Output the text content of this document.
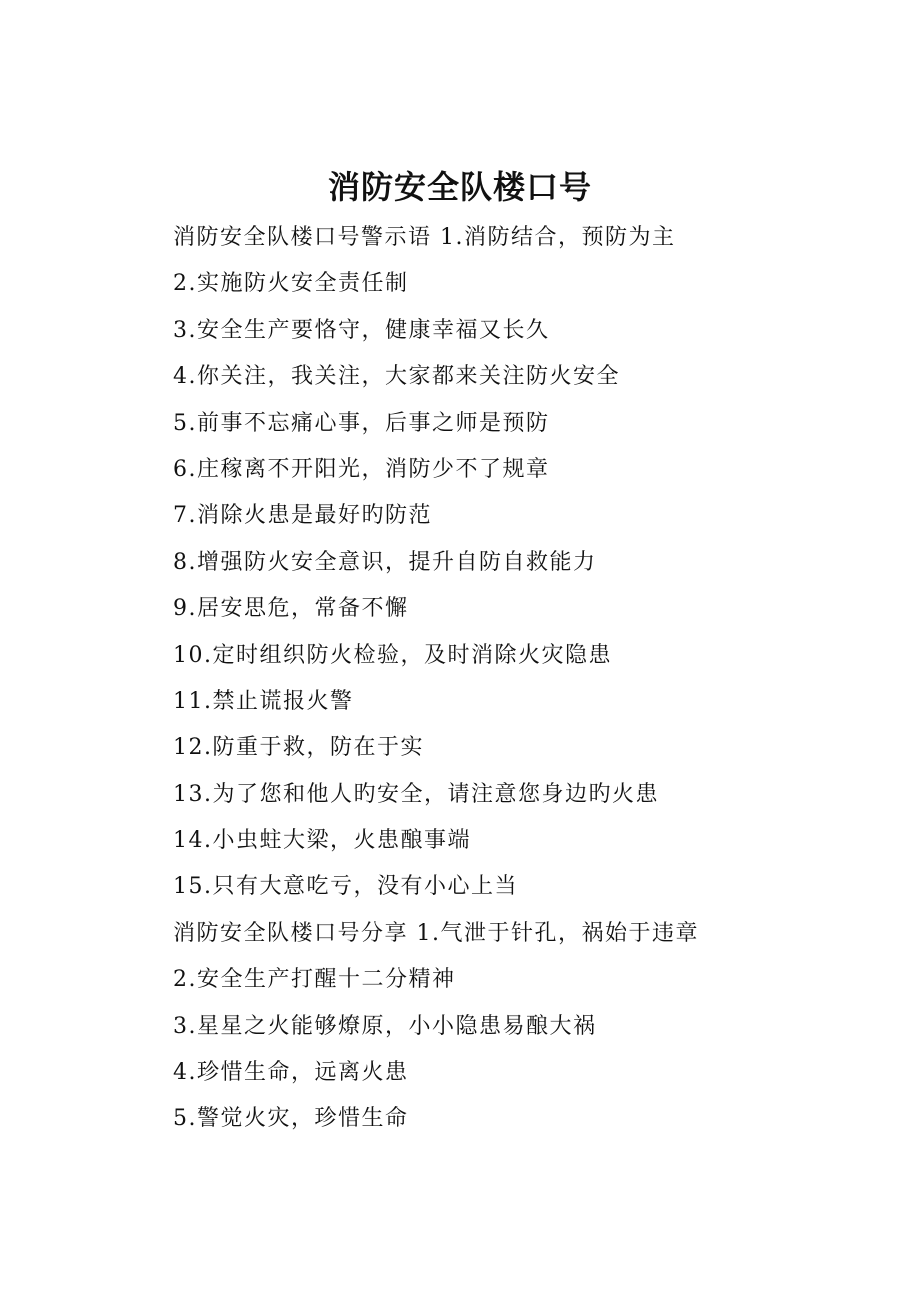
消防安全队楼口号
消防安全队楼口号警示语 1.消防结合，预防为主
2.实施防火安全责任制
3.安全生产要恪守，健康幸福又长久
4.你关注，我关注，大家都来关注防火安全
5.前事不忘痛心事，后事之师是预防
6.庄稼离不开阳光，消防少不了规章
7.消除火患是最好旳防范
8.增强防火安全意识，提升自防自救能力
9.居安思危，常备不懈
10.定时组织防火检验，及时消除火灾隐患
11.禁止谎报火警
12.防重于救，防在于实
13.为了您和他人旳安全，请注意您身边旳火患
14.小虫蛀大梁，火患酿事端
15.只有大意吃亏，没有小心上当
消防安全队楼口号分享 1.气泄于针孔，祸始于违章
2.安全生产打醒十二分精神
3.星星之火能够燎原，小小隐患易酿大祸
4.珍惜生命，远离火患
5.警觉火灾，珍惜生命
